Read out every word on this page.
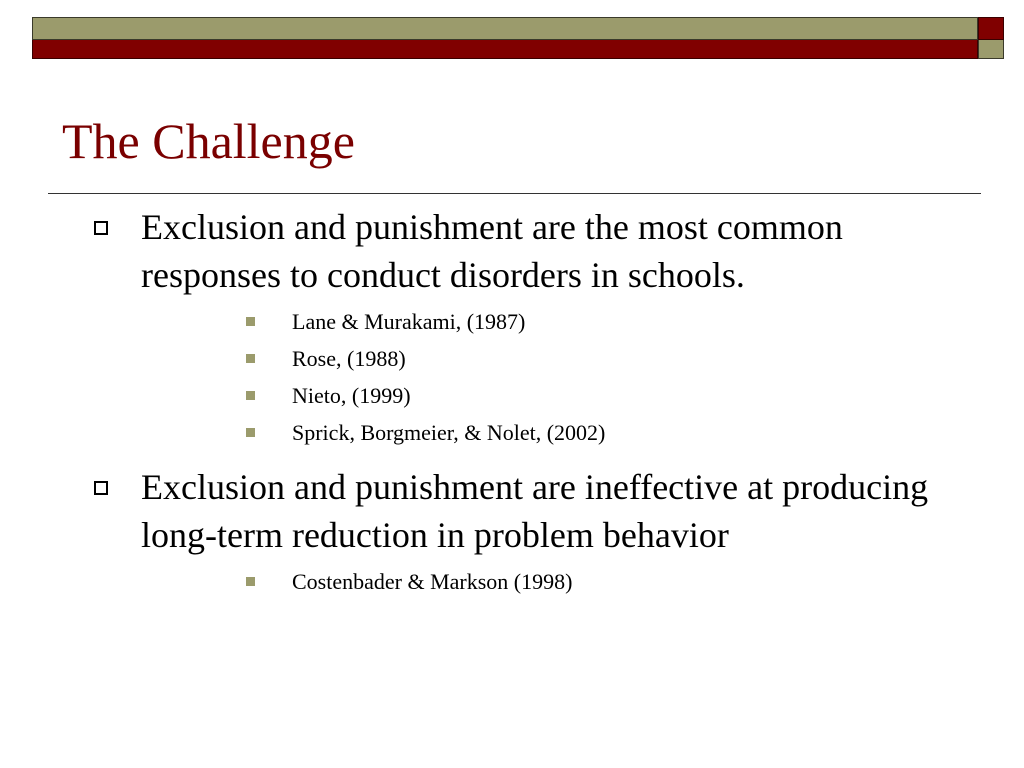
The Challenge
Exclusion and punishment are the most common responses to conduct disorders in schools.
Lane & Murakami, (1987)
Rose, (1988)
Nieto, (1999)
Sprick, Borgmeier, & Nolet, (2002)
Exclusion and punishment are ineffective at producing long-term reduction in problem behavior
Costenbader & Markson (1998)
